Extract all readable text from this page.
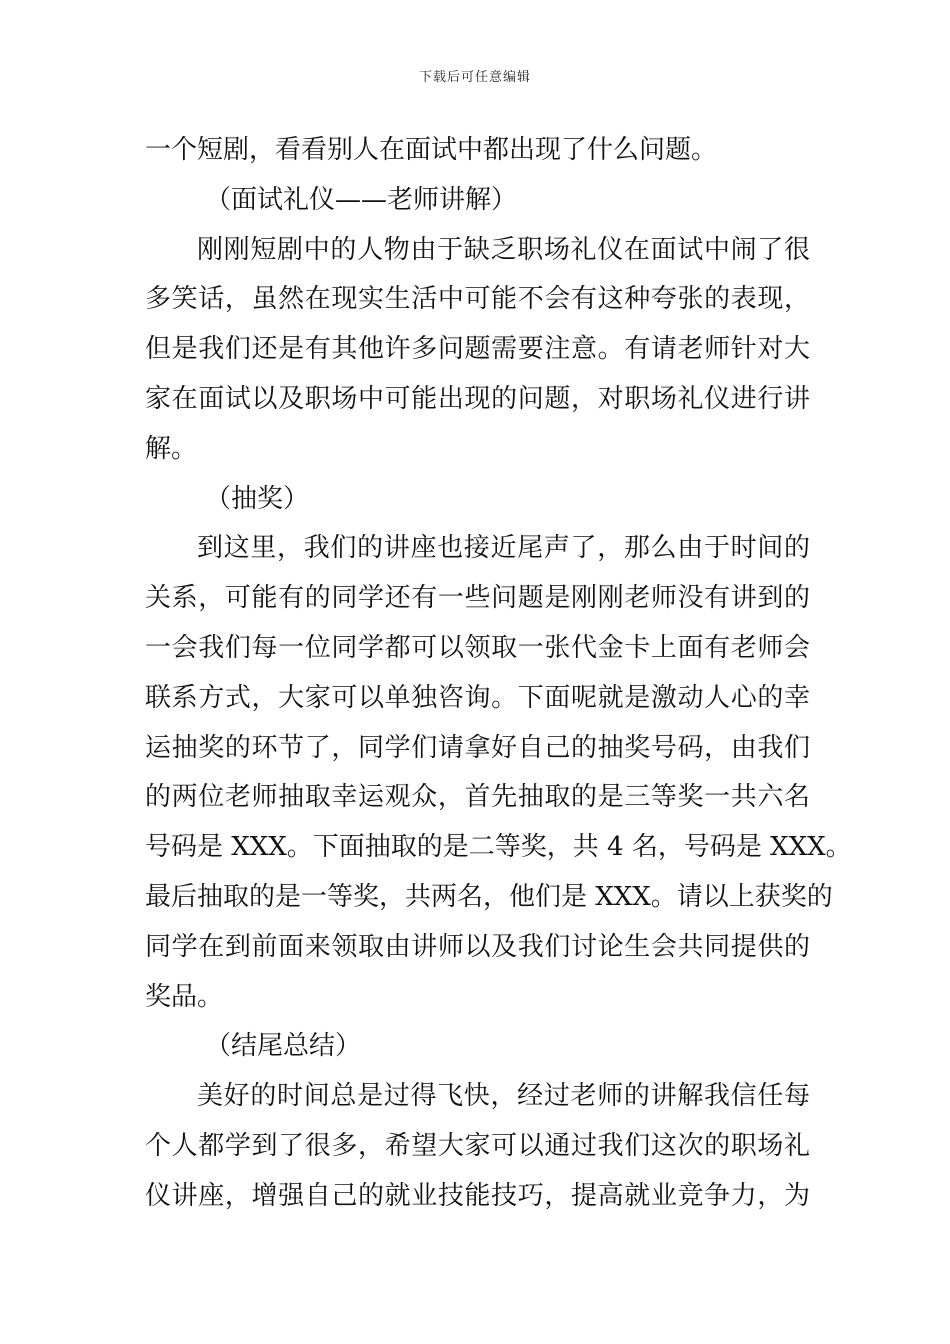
下载后可任意编辑
一个短剧，看看别人在面试中都出现了什么问题。
（面试礼仪——老师讲解）
刚刚短剧中的人物由于缺乏职场礼仪在面试中闹了很
多笑话，虽然在现实生活中可能不会有这种夸张的表现，
但是我们还是有其他许多问题需要注意。有请老师针对大
家在面试以及职场中可能出现的问题，对职场礼仪进行讲
解。
（抽奖）
到这里，我们的讲座也接近尾声了，那么由于时间的
关系，可能有的同学还有一些问题是刚刚老师没有讲到的
一会我们每一位同学都可以领取一张代金卡上面有老师会
联系方式，大家可以单独咨询。下面呢就是激动人心的幸
运抽奖的环节了，同学们请拿好自己的抽奖号码，由我们
的两位老师抽取幸运观众，首先抽取的是三等奖一共六名
号码是 XXX。下面抽取的是二等奖，共 4 名，号码是 XXX。
最后抽取的是一等奖，共两名，他们是 XXX。请以上获奖的
同学在到前面来领取由讲师以及我们讨论生会共同提供的
奖品。
（结尾总结）
美好的时间总是过得飞快，经过老师的讲解我信任每
个人都学到了很多，希望大家可以通过我们这次的职场礼
仪讲座，增强自己的就业技能技巧，提高就业竞争力，为
